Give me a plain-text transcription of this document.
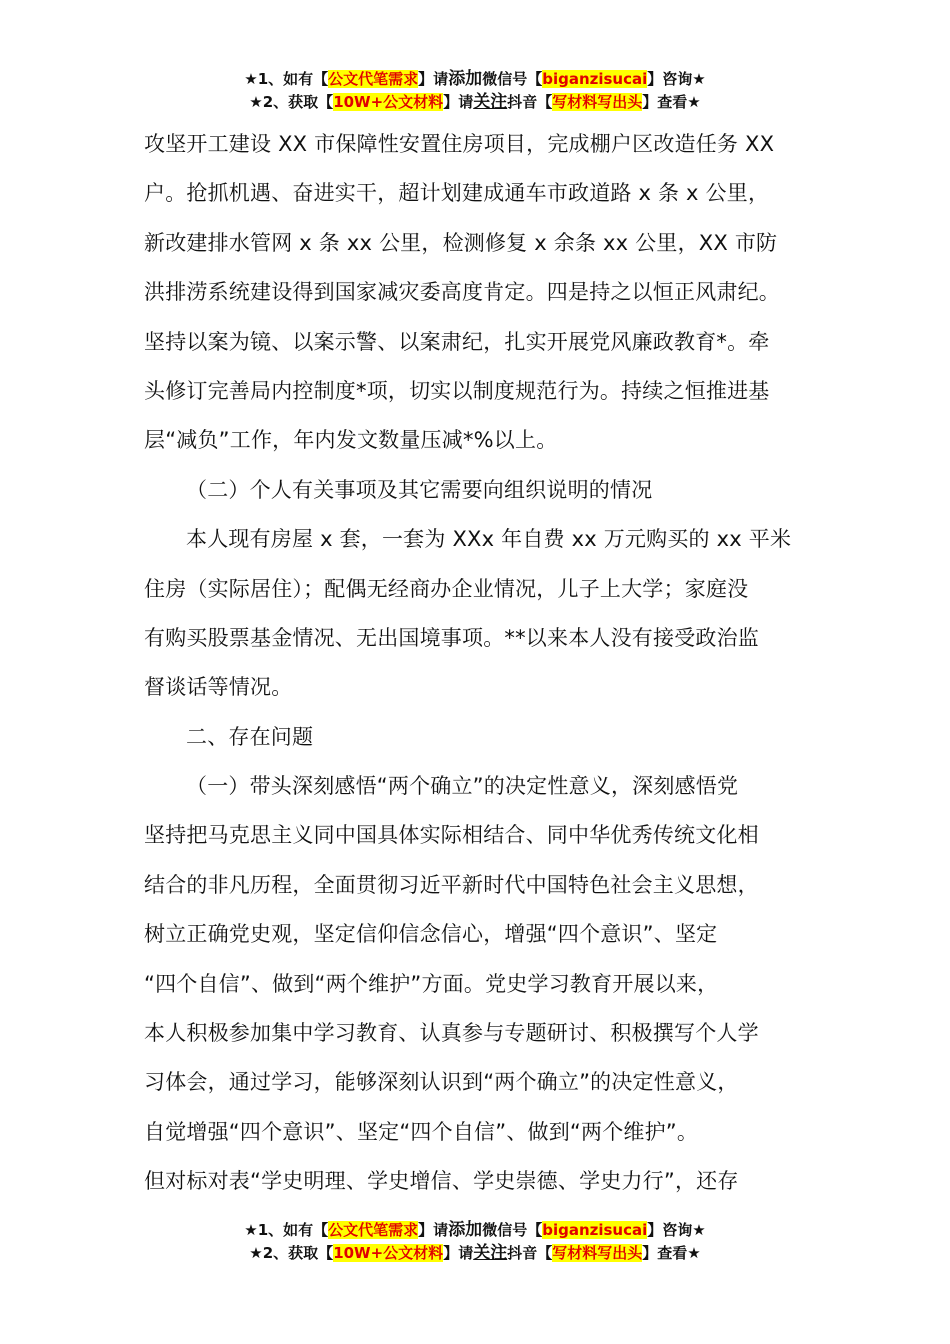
★1、如有【公文代笔需求】请添加微信号【biganzisucai】咨询★
★2、获取【10W+公文材料】请关注抖音【写材料写出头】查看★
攻坚开工建设 XX 市保障性安置住房项目，完成棚户区改造任务 XX
户。抢抓机遇、奋进实干，超计划建成通车市政道路 x 条 x 公里，
新改建排水管网 x 条 xx 公里，检测修复 x 余条 xx 公里，XX 市防
洪排涝系统建设得到国家减灾委高度肯定。四是持之以恒正风肃纪。
坚持以案为镜、以案示警、以案肃纪，扎实开展党风廉政教育*。牵
头修订完善局内控制度*项，切实以制度规范行为。持续之恒推进基
层“减负”工作，年内发文数量压减*%以上。
（二）个人有关事项及其它需要向组织说明的情况
本人现有房屋 x 套，一套为 XXx 年自费 xx 万元购买的 xx 平米
住房（实际居住）；配偶无经商办企业情况，儿子上大学；家庭没
有购买股票基金情况、无出国境事项。**以来本人没有接受政治监
督谈话等情况。
二、存在问题
（一）带头深刻感悟“两个确立”的决定性意义，深刻感悟党
坚持把马克思主义同中国具体实际相结合、同中华优秀传统文化相
结合的非凡历程，全面贯彻习近平新时代中国特色社会主义思想，
树立正确党史观，坚定信仰信念信心，增强“四个意识”、坚定
“四个自信”、做到“两个维护”方面。党史学习教育开展以来，
本人积极参加集中学习教育、认真参与专题研讨、积极撰写个人学
习体会，通过学习，能够深刻认识到“两个确立”的决定性意义，
自觉增强“四个意识”、坚定“四个自信”、做到“两个维护”。
但对标对表“学史明理、学史增信、学史崇德、学史力行”，还存
★1、如有【公文代笔需求】请添加微信号【biganzisucai】咨询★
★2、获取【10W+公文材料】请关注抖音【写材料写出头】查看★
